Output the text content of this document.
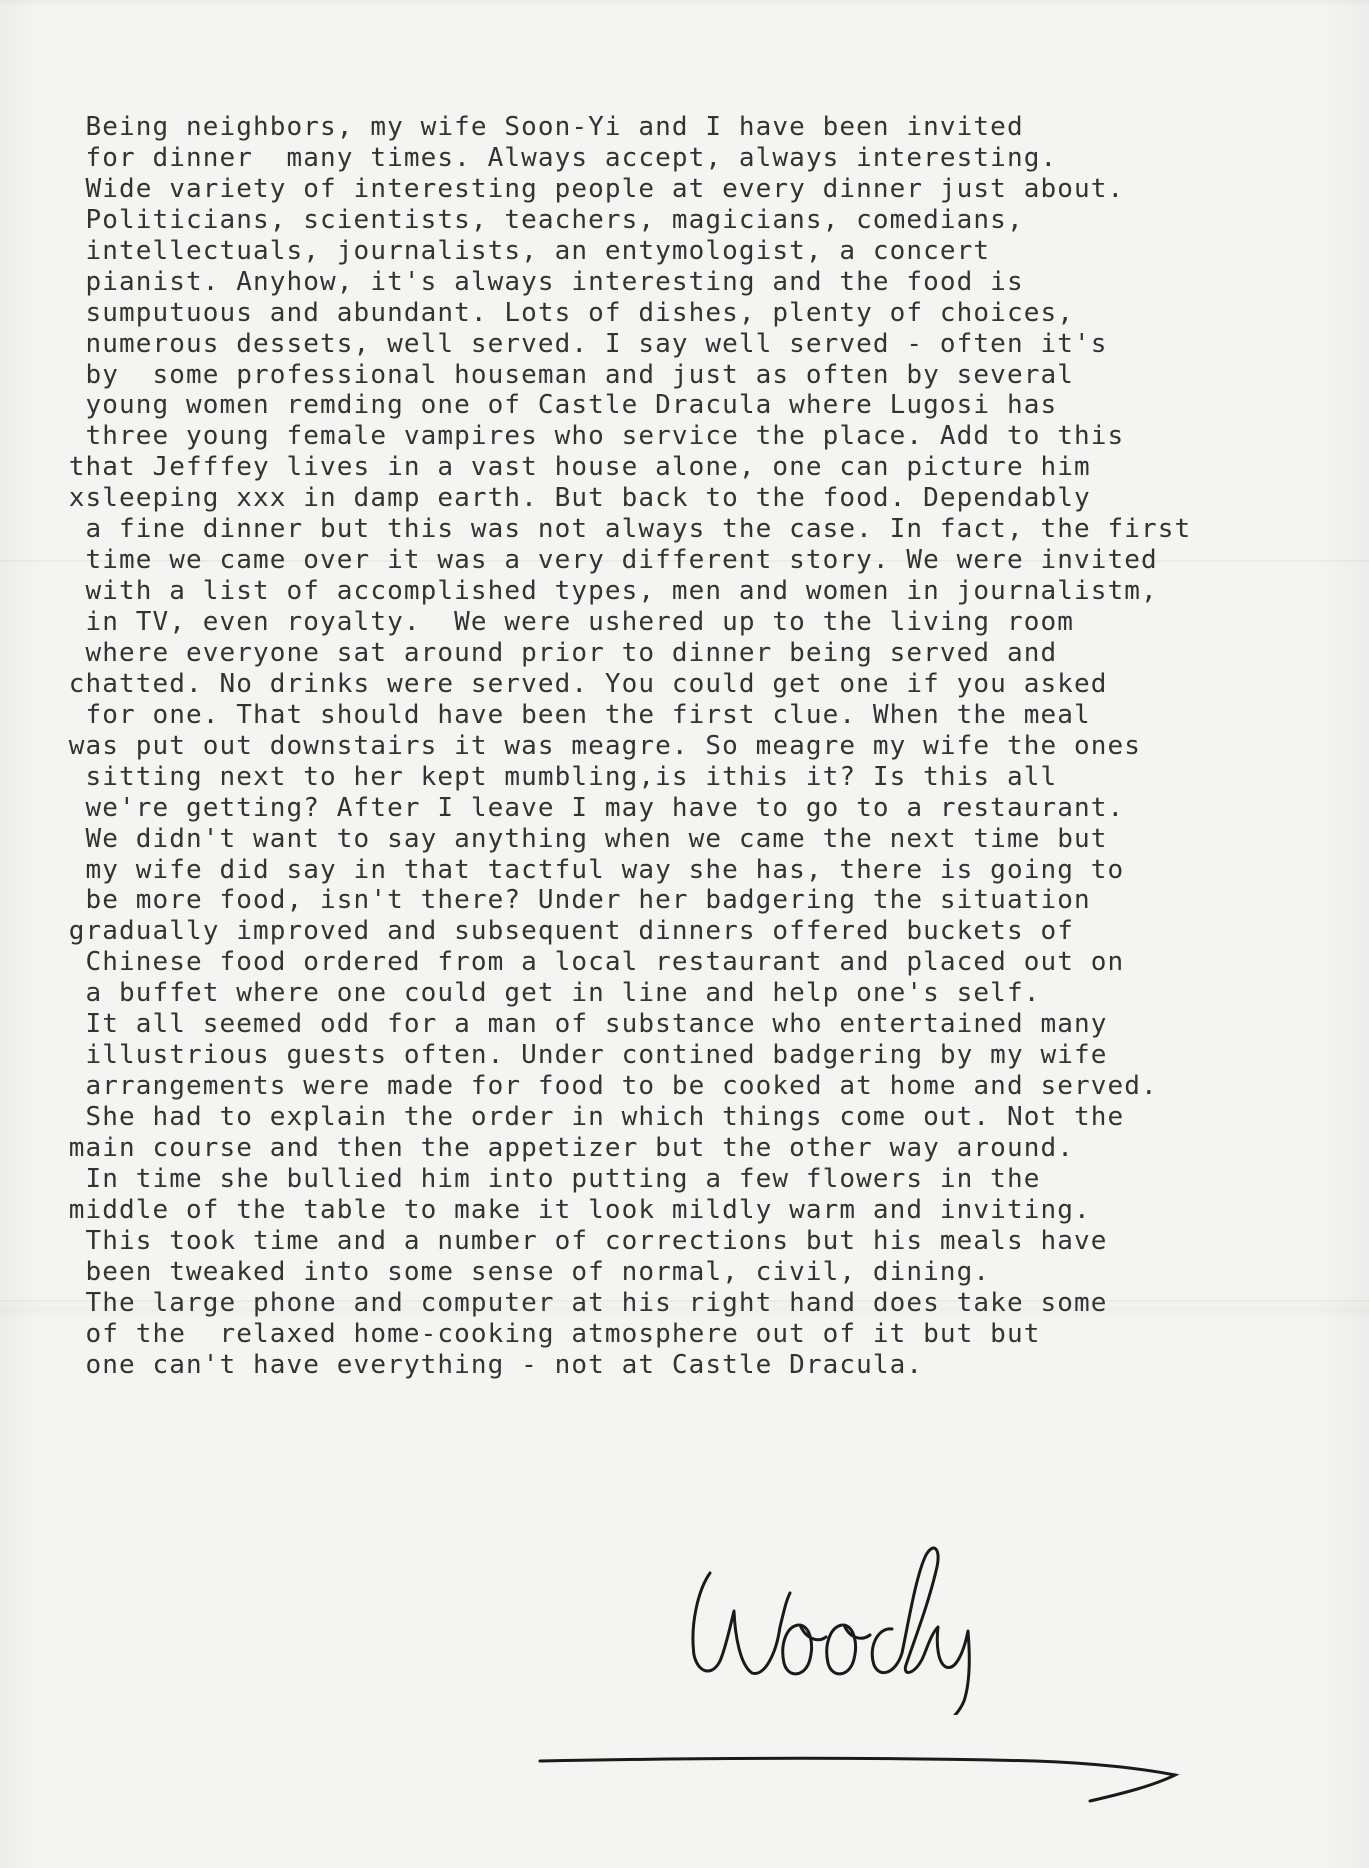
Being neighbors, my wife Soon-Yi and I have been invited
for dinner  many times. Always accept, always interesting.
Wide variety of interesting people at every dinner just about.
Politicians, scientists, teachers, magicians, comedians,
intellectuals, journalists, an entymologist, a concert
pianist. Anyhow, it's always interesting and the food is
sumputuous and abundant. Lots of dishes, plenty of choices,
numerous dessets, well served. I say well served - often it's
by  some professional houseman and just as often by several
young women remding one of Castle Dracula where Lugosi has
three young female vampires who service the place. Add to this
that Jefffey lives in a vast house alone, one can picture him
xsleeping xxx in damp earth. But back to the food. Dependably
a fine dinner but this was not always the case. In fact, the first
time we came over it was a very different story. We were invited
with a list of accomplished types, men and women in journalistm,
in TV, even royalty.  We were ushered up to the living room
where everyone sat around prior to dinner being served and
chatted. No drinks were served. You could get one if you asked
for one. That should have been the first clue. When the meal
was put out downstairs it was meagre. So meagre my wife the ones
sitting next to her kept mumbling,is ithis it? Is this all
we're getting? After I leave I may have to go to a restaurant.
We didn't want to say anything when we came the next time but
my wife did say in that tactful way she has, there is going to
be more food, isn't there? Under her badgering the situation
gradually improved and subsequent dinners offered buckets of
Chinese food ordered from a local restaurant and placed out on
a buffet where one could get in line and help one's self.
It all seemed odd for a man of substance who entertained many
illustrious guests often. Under contined badgering by my wife
arrangements were made for food to be cooked at home and served.
She had to explain the order in which things come out. Not the
main course and then the appetizer but the other way around.
In time she bullied him into putting a few flowers in the
middle of the table to make it look mildly warm and inviting.
This took time and a number of corrections but his meals have
been tweaked into some sense of normal, civil, dining.
The large phone and computer at his right hand does take some
of the  relaxed home-cooking atmosphere out of it but but
one can't have everything - not at Castle Dracula.
